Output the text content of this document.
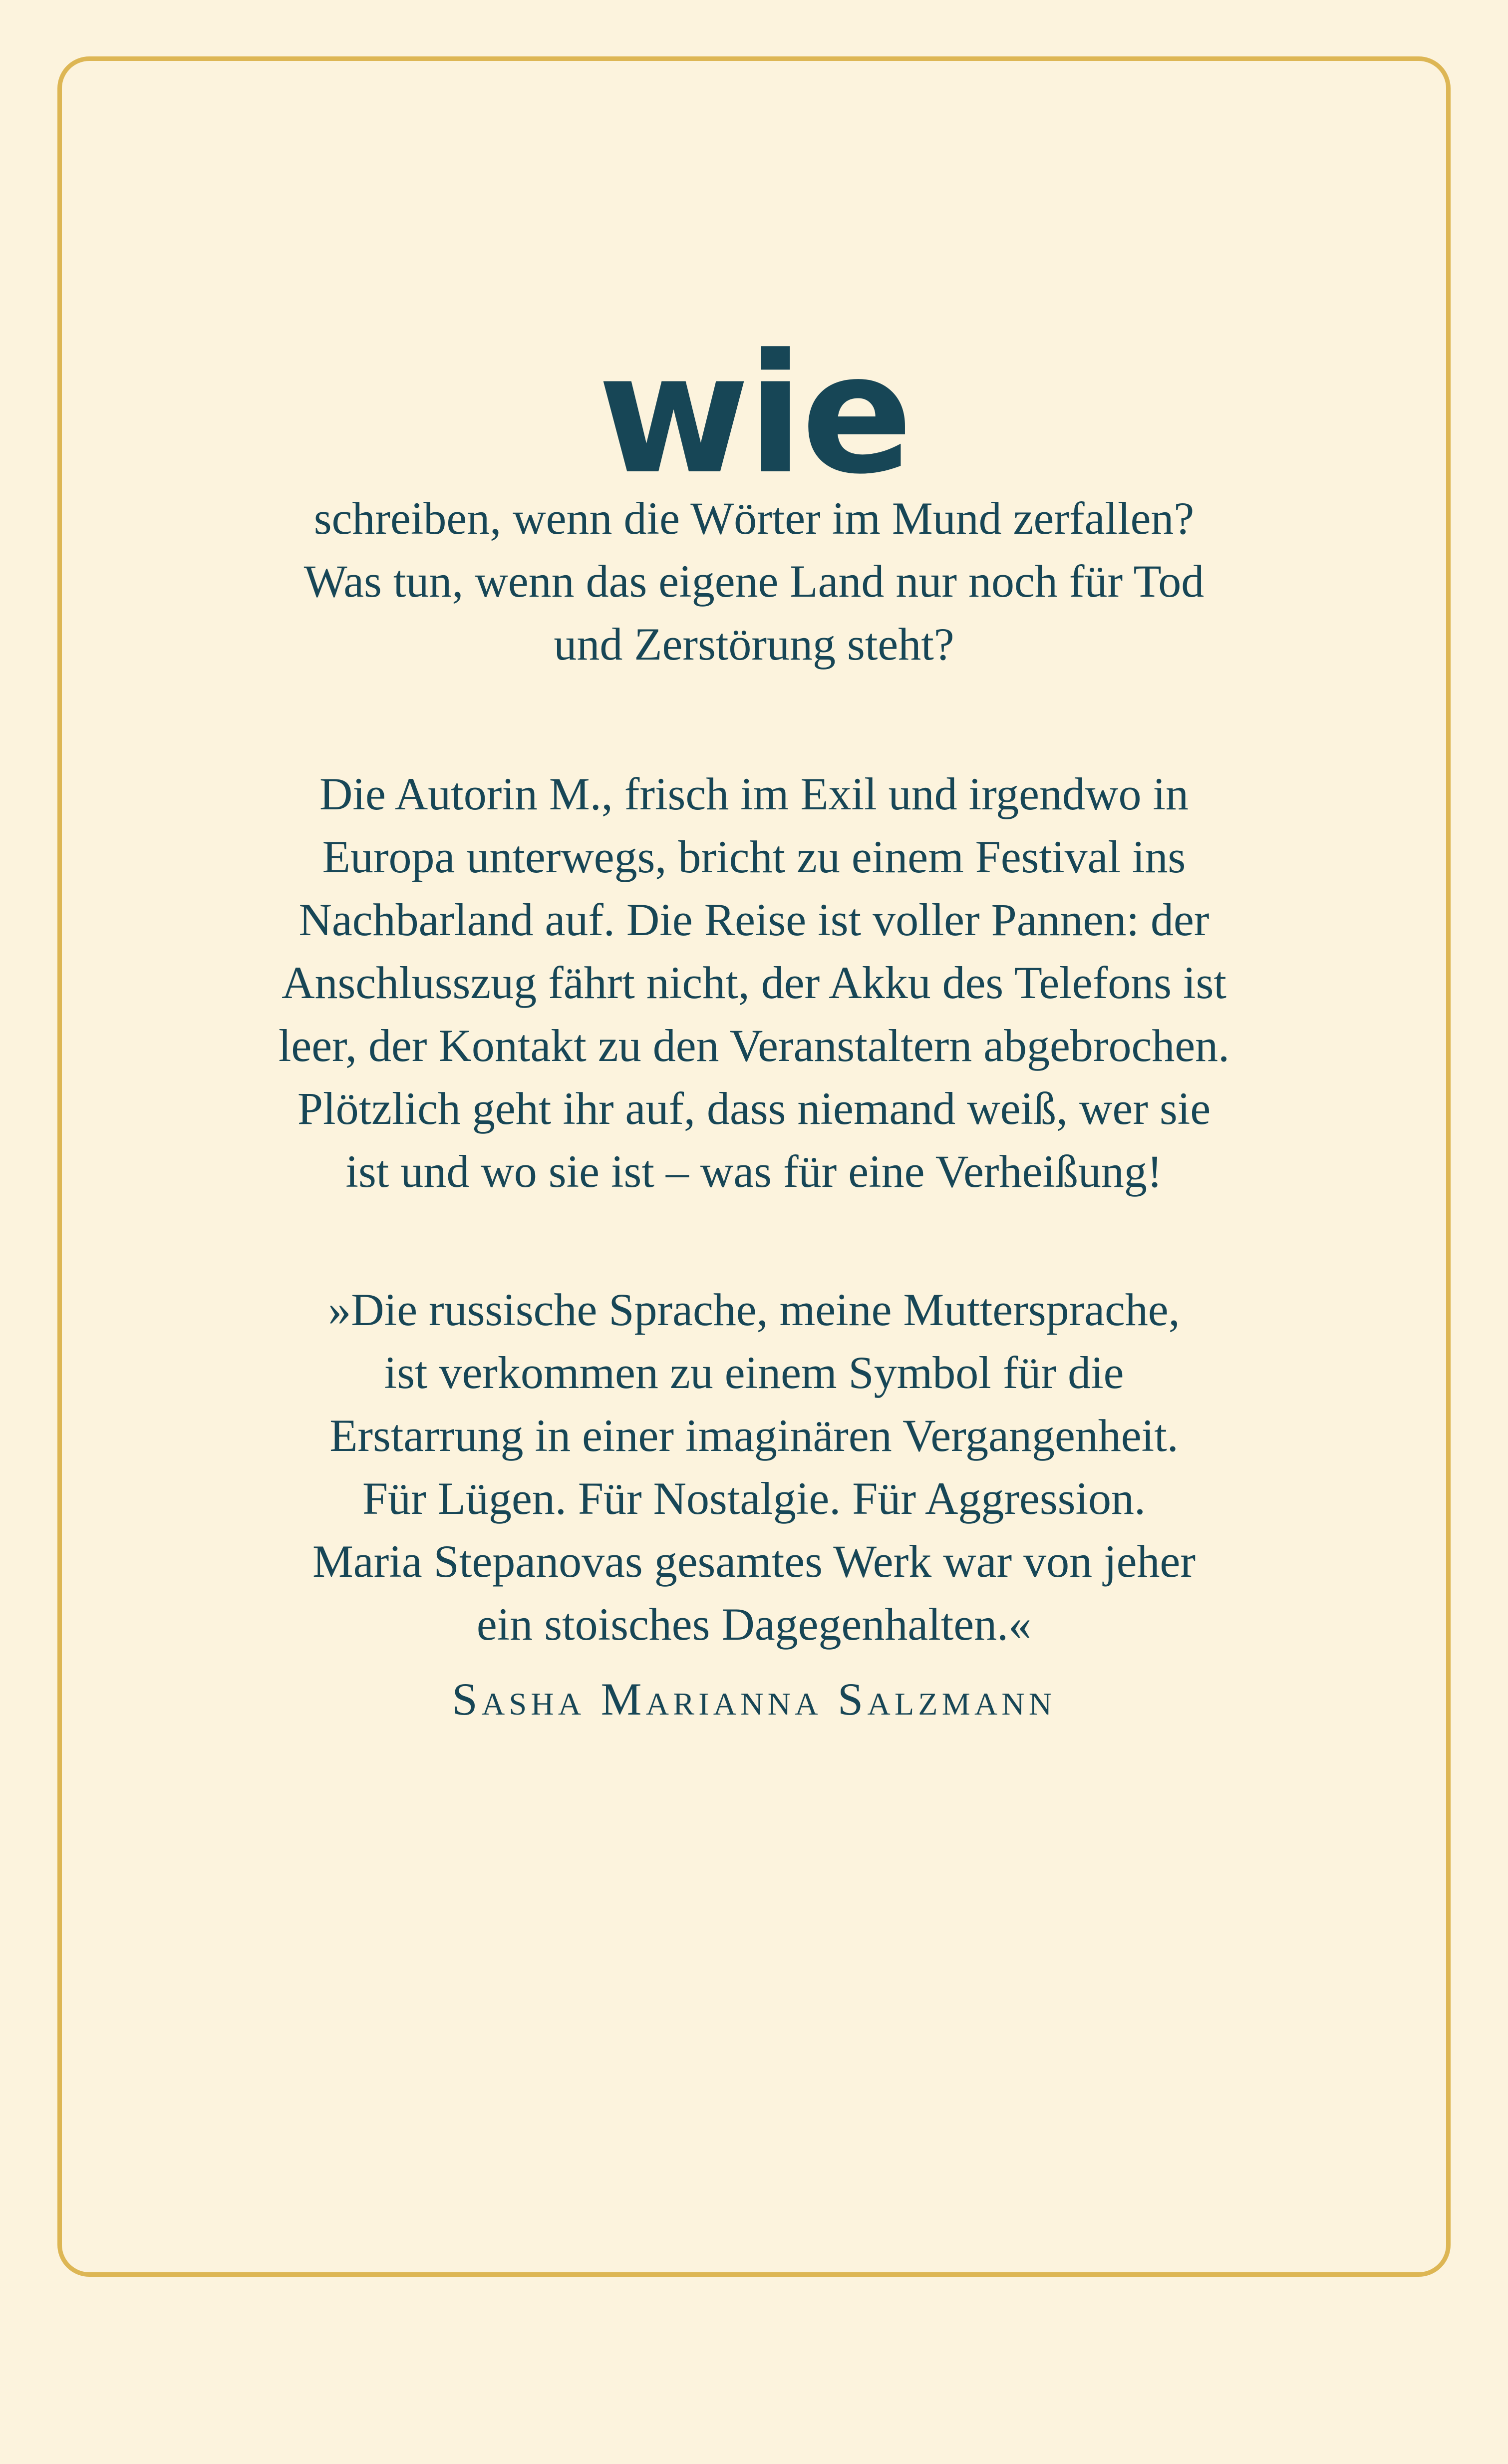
wie
schreiben, wenn die Wörter im Mund zerfallen?
Was tun, wenn das eigene Land nur noch für Tod
und Zerstörung steht?
Die Autorin M., frisch im Exil und irgendwo in
Europa unterwegs, bricht zu einem Festival ins
Nachbarland auf. Die Reise ist voller Pannen: der
Anschlusszug fährt nicht, der Akku des Telefons ist
leer, der Kontakt zu den Veranstaltern abgebrochen.
Plötzlich geht ihr auf, dass niemand weiß, wer sie
ist und wo sie ist – was für eine Verheißung!
»Die russische Sprache, meine Muttersprache,
ist verkommen zu einem Symbol für die
Erstarrung in einer imaginären Vergangenheit.
Für Lügen. Für Nostalgie. Für Aggression.
Maria Stepanovas gesamtes Werk war von jeher
ein stoisches Dagegenhalten.«
Sasha Marianna Salzmann
